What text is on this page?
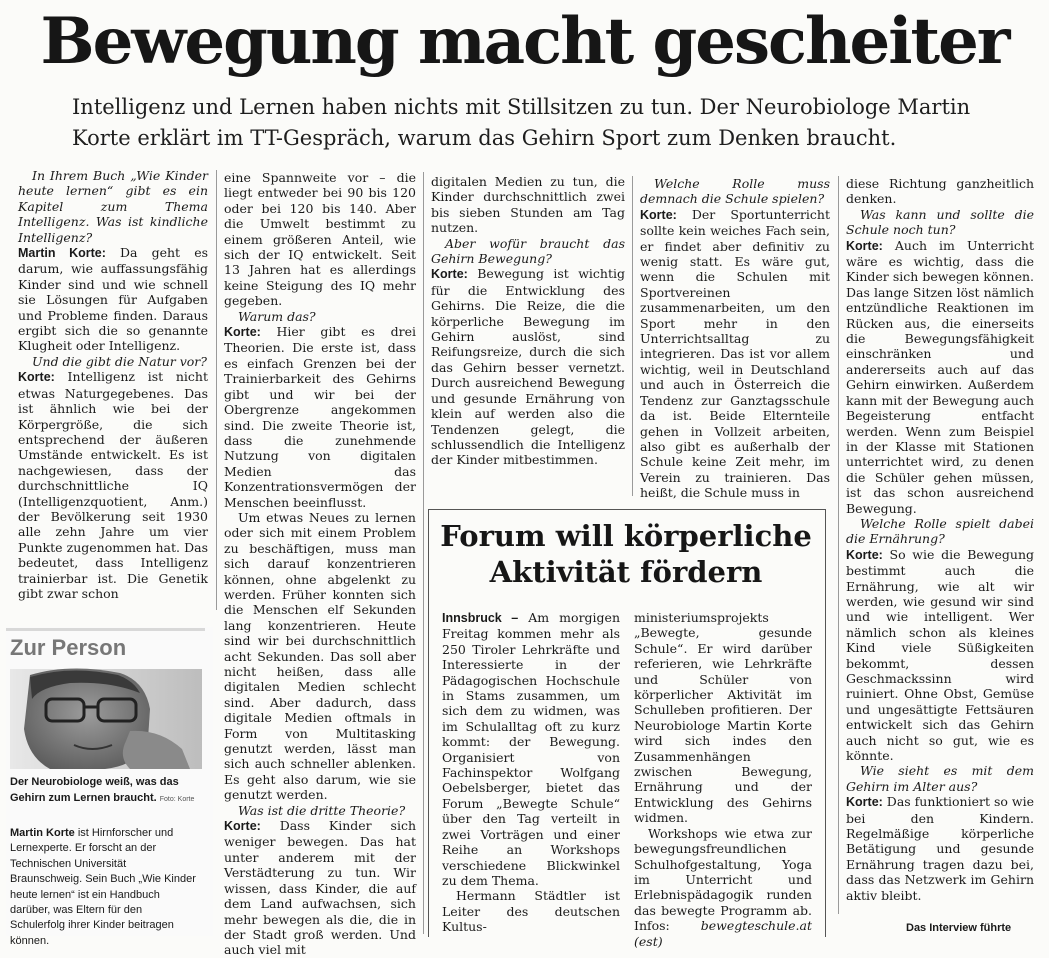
Bewegung macht gescheiter

Intelligenz und Lernen haben nichts mit Stillsitzen zu tun. Der Neurobiologe Martin Korte erklärt im TT-Gespräch, warum das Gehirn Sport zum Denken braucht.

In Ihrem Buch „Wie Kinder heute lernen“ gibt es ein Kapitel zum Thema Intelligenz. Was ist kindliche Intelligenz?

Martin Korte: Da geht es darum, wie auffassungsfähig Kinder sind und wie schnell sie Lösungen für Aufgaben und Probleme finden. Daraus ergibt sich die so genannte Klugheit oder Intelligenz.

Und die gibt die Natur vor?

Korte: Intelligenz ist nicht etwas Naturgegebenes. Das ist ähnlich wie bei der Körpergröße, die sich entsprechend der äußeren Umstände entwickelt. Es ist nachgewiesen, dass der durchschnittliche IQ (Intelligenzquotient, Anm.) der Bevölkerung seit 1930 alle zehn Jahre um vier Punkte zugenommen hat. Das bedeutet, dass Intelligenz trainierbar ist. Die Genetik gibt zwar schon

eine Spannweite vor – die liegt entweder bei 90 bis 120 oder bei 120 bis 140. Aber die Umwelt bestimmt zu einem größeren Anteil, wie sich der IQ entwickelt. Seit 13 Jahren hat es allerdings keine Steigung des IQ mehr gegeben.

Warum das?

Korte: Hier gibt es drei Theorien. Die erste ist, dass es einfach Grenzen bei der Trainierbarkeit des Gehirns gibt und wir bei der Obergrenze angekommen sind. Die zweite Theorie ist, dass die zunehmende Nutzung von digitalen Medien das Konzentrationsvermögen der Menschen beeinflusst.

Um etwas Neues zu lernen oder sich mit einem Problem zu beschäftigen, muss man sich darauf konzentrieren können, ohne abgelenkt zu werden. Früher konnten sich die Menschen elf Sekunden lang konzentrieren. Heute sind wir bei durchschnittlich acht Sekunden. Das soll aber nicht heißen, dass alle digitalen Medien schlecht sind. Aber dadurch, dass digitale Medien oftmals in Form von Multitasking genutzt werden, lässt man sich auch schneller ablenken. Es geht also darum, wie sie genutzt werden.

Was ist die dritte Theorie?

Korte: Dass Kinder sich weniger bewegen. Das hat unter anderem mit der Verstädterung zu tun. Wir wissen, dass Kinder, die auf dem Land aufwachsen, sich mehr bewegen als die, die in der Stadt groß werden. Und auch viel mit

digitalen Medien zu tun, die Kinder durchschnittlich zwei bis sieben Stunden am Tag nutzen.

Aber wofür braucht das Gehirn Bewegung?

Korte: Bewegung ist wichtig für die Entwicklung des Gehirns. Die Reize, die die körperliche Bewegung im Gehirn auslöst, sind Reifungsreize, durch die sich das Gehirn besser vernetzt. Durch ausreichend Bewegung und gesunde Ernährung von klein auf werden also die Tendenzen gelegt, die schlussendlich die Intelligenz der Kinder mitbestimmen.

Welche Rolle muss demnach die Schule spielen?

Korte: Der Sportunterricht sollte kein weiches Fach sein, er findet aber definitiv zu wenig statt. Es wäre gut, wenn die Schulen mit Sportvereinen zusammenarbeiten, um den Sport mehr in den Unterrichtsalltag zu integrieren. Das ist vor allem wichtig, weil in Deutschland und auch in Österreich die Tendenz zur Ganztagsschule da ist. Beide Elternteile gehen in Vollzeit arbeiten, also gibt es außerhalb der Schule keine Zeit mehr, im Verein zu trainieren. Das heißt, die Schule muss in

diese Richtung ganzheitlich denken.

Was kann und sollte die Schule noch tun?

Korte: Auch im Unterricht wäre es wichtig, dass die Kinder sich bewegen können. Das lange Sitzen löst nämlich entzündliche Reaktionen im Rücken aus, die einerseits die Bewegungsfähigkeit einschränken und andererseits auch auf das Gehirn einwirken. Außerdem kann mit der Bewegung auch Begeisterung entfacht werden. Wenn zum Beispiel in der Klasse mit Stationen unterrichtet wird, zu denen die Schüler gehen müssen, ist das schon ausreichend Bewegung.

Welche Rolle spielt dabei die Ernährung?

Korte: So wie die Bewegung bestimmt auch die Ernährung, wie alt wir werden, wie gesund wir sind und wie intelligent. Wer nämlich schon als kleines Kind viele Süßigkeiten bekommt, dessen Geschmackssinn wird ruiniert. Ohne Obst, Gemüse und ungesättigte Fettsäuren entwickelt sich das Gehirn auch nicht so gut, wie es könnte.

Wie sieht es mit dem Gehirn im Alter aus?

Korte: Das funktioniert so wie bei den Kindern. Regelmäßige körperliche Betätigung und gesunde Ernährung tragen dazu bei, dass das Netzwerk im Gehirn aktiv bleibt.

Zur Person
Der Neurobiologe weiß, was das Gehirn zum Lernen braucht. Foto: Korte

Martin Korte ist Hirnforscher und Lernexperte. Er forscht an der Technischen Universität Braunschweig. Sein Buch „Wie Kinder heute lernen“ ist ein Handbuch darüber, was Eltern für den Schulerfolg ihrer Kinder beitragen können.

Forum will körperliche Aktivität fördern

Innsbruck – Am morgigen Freitag kommen mehr als 250 Tiroler Lehrkräfte und Interessierte in der Pädagogischen Hochschule in Stams zusammen, um sich dem zu widmen, was im Schulalltag oft zu kurz kommt: der Bewegung. Organisiert von Fachinspektor Wolfgang Oebelsberger, bietet das Forum „Bewegte Schule“ über den Tag verteilt in zwei Vorträgen und einer Reihe an Workshops verschiedene Blickwinkel zu dem Thema.

Hermann Städtler ist Leiter des deutschen Kultus-

ministeriumsprojekts „Bewegte, gesunde Schule“. Er wird darüber referieren, wie Lehrkräfte und Schüler von körperlicher Aktivität im Schulleben profitieren. Der Neurobiologe Martin Korte wird sich indes den Zusammenhängen zwischen Bewegung, Ernährung und der Entwicklung des Gehirns widmen.

Workshops wie etwa zur bewegungsfreundlichen Schulhofgestaltung, Yoga im Unterricht und Erlebnispädagogik runden das bewegte Programm ab. Infos: bewegteschule.at (est)

Das Interview führte
